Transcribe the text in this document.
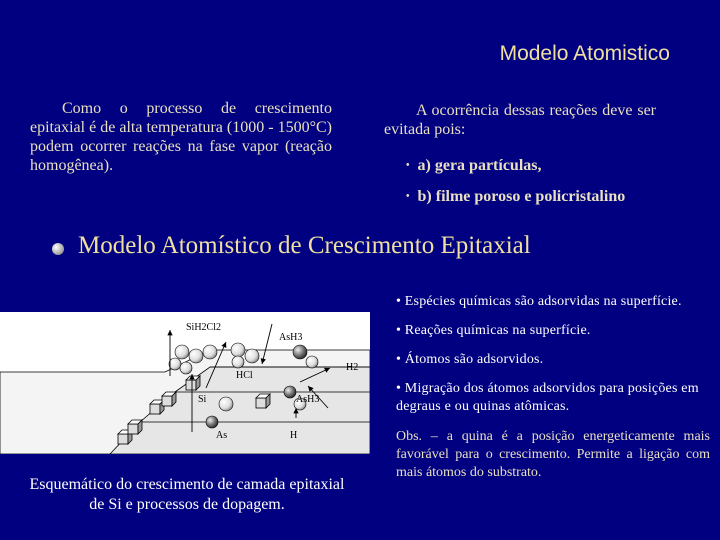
Modelo Atomistico
Como o processo de crescimento epitaxial é de alta temperatura (1000 - 1500°C) podem ocorrer reações na fase vapor (reação homogênea).
A ocorrência dessas reações deve ser evitada pois:
• a) gera partículas,
• b) filme poroso e policristalino
Modelo Atomístico de Crescimento Epitaxial
• Espécies químicas são adsorvidas na superfície.
• Reações químicas na superfície.
• Átomos são adsorvidos.
• Migração dos átomos adsorvidos para posições em degraus e ou quinas atômicas.
Obs. – a quina é a posição energeticamente mais favorável para o crescimento. Permite a ligação com mais átomos do substrato.
SiH2Cl2
AsH3
H2
HCl
Si	AsH3
As	H
Esquemático do crescimento de camada epitaxial de Si e processos de dopagem.
